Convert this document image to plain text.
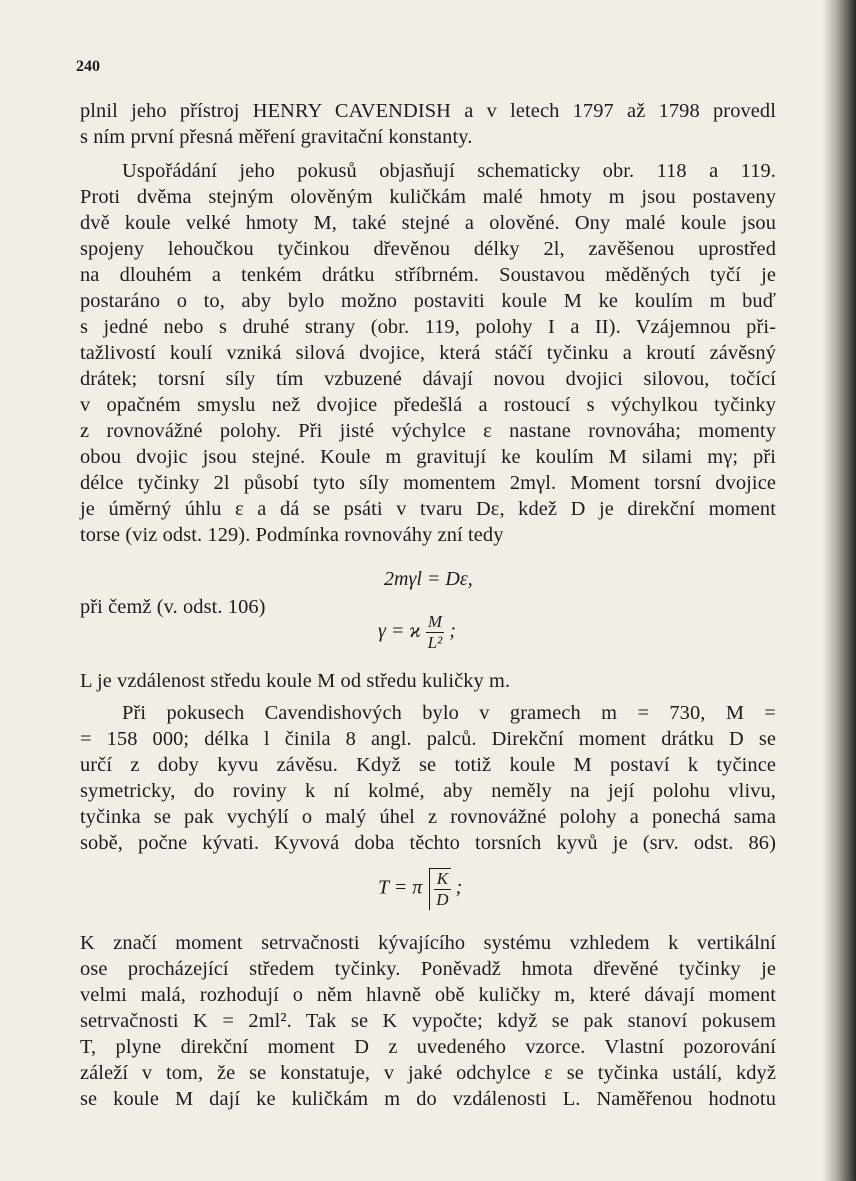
240
plnil jeho přístroj HENRY CAVENDISH a v letech 1797 až 1798 provedl
s ním první přesná měření gravitační konstanty.
Uspořádání jeho pokusů objasňují schematicky obr. 118 a 119.
Proti dvěma stejným olověným kuličkám malé hmoty m jsou postaveny
dvě koule velké hmoty M, také stejné a olověné. Ony malé koule jsou
spojeny lehoučkou tyčinkou dřevěnou délky 2l, zavěšenou uprostřed
na dlouhém a tenkém drátku stříbrném. Soustavou měděných tyčí je
postaráno o to, aby bylo možno postaviti koule M ke koulím m buď
s jedné nebo s druhé strany (obr. 119, polohy I a II). Vzájemnou při-
tažlivostí koulí vzniká silová dvojice, která stáčí tyčinku a kroutí závěsný
drátek; torsní síly tím vzbuzené dávají novou dvojici silovou, točící
v opačném smyslu než dvojice předešlá a rostoucí s výchylkou tyčinky
z rovnovážné polohy. Při jisté výchylce ε nastane rovnováha; momenty
obou dvojic jsou stejné. Koule m gravitují ke koulím M silami mγ; při
délce tyčinky 2l působí tyto síly momentem 2mγl. Moment torsní dvojice
je úměrný úhlu ε a dá se psáti v tvaru Dε, kdež D je direkční moment
torse (viz odst. 129). Podmínka rovnováhy zní tedy
2mγl = Dε,
při čemž (v. odst. 106)
γ = ϰ $\frac{M}{\text{L²}}$ ;
L je vzdálenost středu koule M od středu kuličky m.
Při pokusech Cavendishových bylo v gramech m = 730, M =
= 158 000; délka l činila 8 angl. palců. Direkční moment drátku D se
určí z doby kyvu závěsu. Když se totiž koule M postaví k tyčince
symetricky, do roviny k ní kolmé, aby neměly na její polohu vlivu,
tyčinka se pak vychýlí o malý úhel z rovnovážné polohy a ponechá sama
sobě, počne kývati. Kyvová doba těchto torsních kyvů je (srv. odst. 86)
T = π $\frac{K}{D}$ ;
K značí moment setrvačnosti kývajícího systému vzhledem k vertikální
ose procházející středem tyčinky. Poněvadž hmota dřevěné tyčinky je
velmi malá, rozhodují o něm hlavně obě kuličky m, které dávají moment
setrvačnosti K = 2ml². Tak se K vypočte; když se pak stanoví pokusem
T, plyne direkční moment D z uvedeného vzorce. Vlastní pozorování
záleží v tom, že se konstatuje, v jaké odchylce ε se tyčinka ustálí, když
se koule M dají ke kuličkám m do vzdálenosti L. Naměřenou hodnotu
